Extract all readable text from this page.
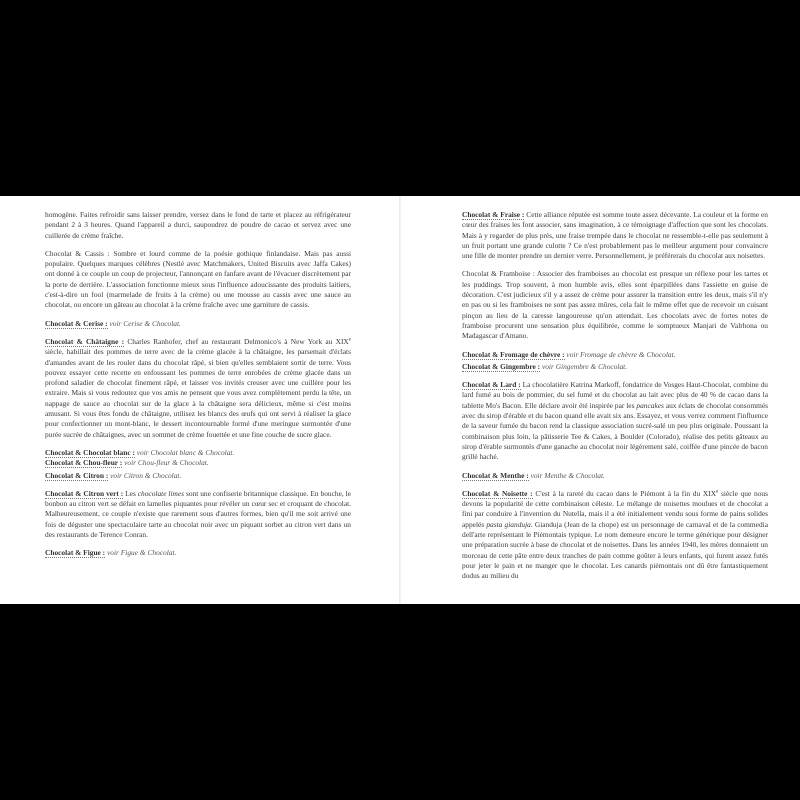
homogène. Faites refroidir sans laisser prendre, versez dans le fond de tarte et placez au réfrigérateur pendant 2 à 3 heures. Quand l'appareil a durci, saupoudrez de poudre de cacao et servez avec une cuillerée de crème fraîche.

Chocolat & Cassis : Sombre et lourd comme de la poésie gothique finlandaise. Mais pas aussi populaire. Quelques marques célèbres (Nestlé avec Matchmakers, United Biscuits avec Jaffa Cakes) ont donné à ce couple un coup de projecteur, l'annonçant en fanfare avant de l'évacuer discrètement par la porte de derrière. L'association fonctionne mieux sous l'influence adoucissante des produits laitiers, c'est-à-dire un fool (marmelade de fruits à la crème) ou une mousse au cassis avec une sauce au chocolat, ou encore un gâteau au chocolat à la crème fraîche avec une garniture de cassis.

Chocolat & Cerise : voir Cerise & Chocolat.

Chocolat & Châtaigne : Charles Ranhofer, chef au restaurant Delmonico's à New York au XIXe siècle, habillait des pommes de terre avec de la crème glacée à la châtaigne, les parsemait d'éclats d'amandes avant de les rouler dans du chocolat râpé, si bien qu'elles semblaient sortir de terre. Vous pouvez essayer cette recette en enfoussant les pommes de terre enrobées de crème glacée dans un profond saladier de chocolat finement râpé, et laisser vos invités creuser avec une cuillère pour les extraire. Mais si vous redoutez que vos amis ne pensent que vous avez complètement perdu la tête, un nappage de sauce au chocolat sur de la glace à la châtaigne sera délicieux, même si c'est moins amusant. Si vous êtes fondu de châtaigne, utilisez les blancs des œufs qui ont servi à réaliser la glace pour confectionner un mont-blanc, le dessert incontournable formé d'une meringue surmontée d'une purée sucrée de châtaignes, avec un sommet de crème fouettée et une fine couche de sucre glace.

Chocolat & Chocolat blanc : voir Chocolat blanc & Chocolat.

Chocolat & Chou-fleur : voir Chou-fleur & Chocolat.

Chocolat & Citron : voir Citron & Chocolat.

Chocolat & Citron vert : Les chocolate limes sont une confiserie britannique classique. En bouche, le bonbon au citron vert se défait en lamelles piquantes pour révéler un cœur sec et croquant de chocolat. Malheureusement, ce couple n'existe que rarement sous d'autres formes, bien qu'il me soit arrivé une fois de déguster une spectaculaire tarte au chocolat noir avec un piquant sorbet au citron vert dans un des restaurants de Terence Conran.

Chocolat & Figue : voir Figue & Chocolat.

Chocolat & Fraise : Cette alliance réputée est somme toute assez décevante. La couleur et la forme en cœur des fraises les font associer, sans imagination, à ce témoignage d'affection que sont les chocolats. Mais à y regarder de plus près, une fraise trempée dans le chocolat ne ressemble-t-elle pas seulement à un fruit portant une grande culotte ? Ce n'est probablement pas le meilleur argument pour convaincre une fille de monter prendre un dernier verre. Personnellement, je préférerais du chocolat aux noisettes.

Chocolat & Framboise : Associer des framboises au chocolat est presque un réflexe pour les tartes et les puddings. Trop souvent, à mon humble avis, elles sont éparpillées dans l'assiette en guise de décoration. C'est judicieux s'il y a assez de crème pour assurer la transition entre les deux, mais s'il n'y en pas ou si les framboises ne sont pas assez mûres, cela fait le même effet que de recevoir un cuisant pinçon au lieu de la caresse langoureuse qu'on attendait. Les chocolats avec de fortes notes de framboise procurent une sensation plus équilibrée, comme le somptueux Manjari de Valrhona ou Madagascar d'Amano.

Chocolat & Fromage de chèvre : voir Fromage de chèvre & Chocolat.

Chocolat & Gingembre : voir Gingembre & Chocolat.

Chocolat & Lard : La chocolatière Katrina Markoff, fondatrice de Vosges Haut-Chocolat, combine du lard fumé au bois de pommier, du sel fumé et du chocolat au lait avec plus de 40 % de cacao dans la tablette Mo's Bacon. Elle déclare avoir été inspirée par les pancakes aux éclats de chocolat consommés avec du sirop d'érable et du bacon quand elle avait six ans. Essayez, et vous verrez comment l'influence de la saveur fumée du bacon rend la classique association sucré-salé un peu plus originale. Poussant la combinaison plus loin, la pâtisserie Tee & Cakes, à Boulder (Colorado), réalise des petits gâteaux au sirop d'érable surmontés d'une ganache au chocolat noir légèrement salé, coiffée d'une pincée de bacon grillé haché.

Chocolat & Menthe : voir Menthe & Chocolat.

Chocolat & Noisette : C'est à la rareté du cacao dans le Piémont à la fin du XIXe siècle que nous devons la popularité de cette combinaison céleste. Le mélange de noisettes moulues et de chocolat a fini par conduire à l'invention du Nutella, mais il a été initialement vendu sous forme de pains solides appelés pasta gianduja. Gianduja (Jean de la chope) est un personnage de carnaval et de la commedia dell'arte représentant le Piémontais typique. Le nom demeure encore le terme générique pour désigner une préparation sucrée à base de chocolat et de noisettes. Dans les années 1940, les mères donnaient un morceau de cette pâte entre deux tranches de pain comme goûter à leurs enfants, qui furent assez futés pour jeter le pain et ne manger que le chocolat. Les canards piémontais ont dû être fantastiquement dodus au milieu du
